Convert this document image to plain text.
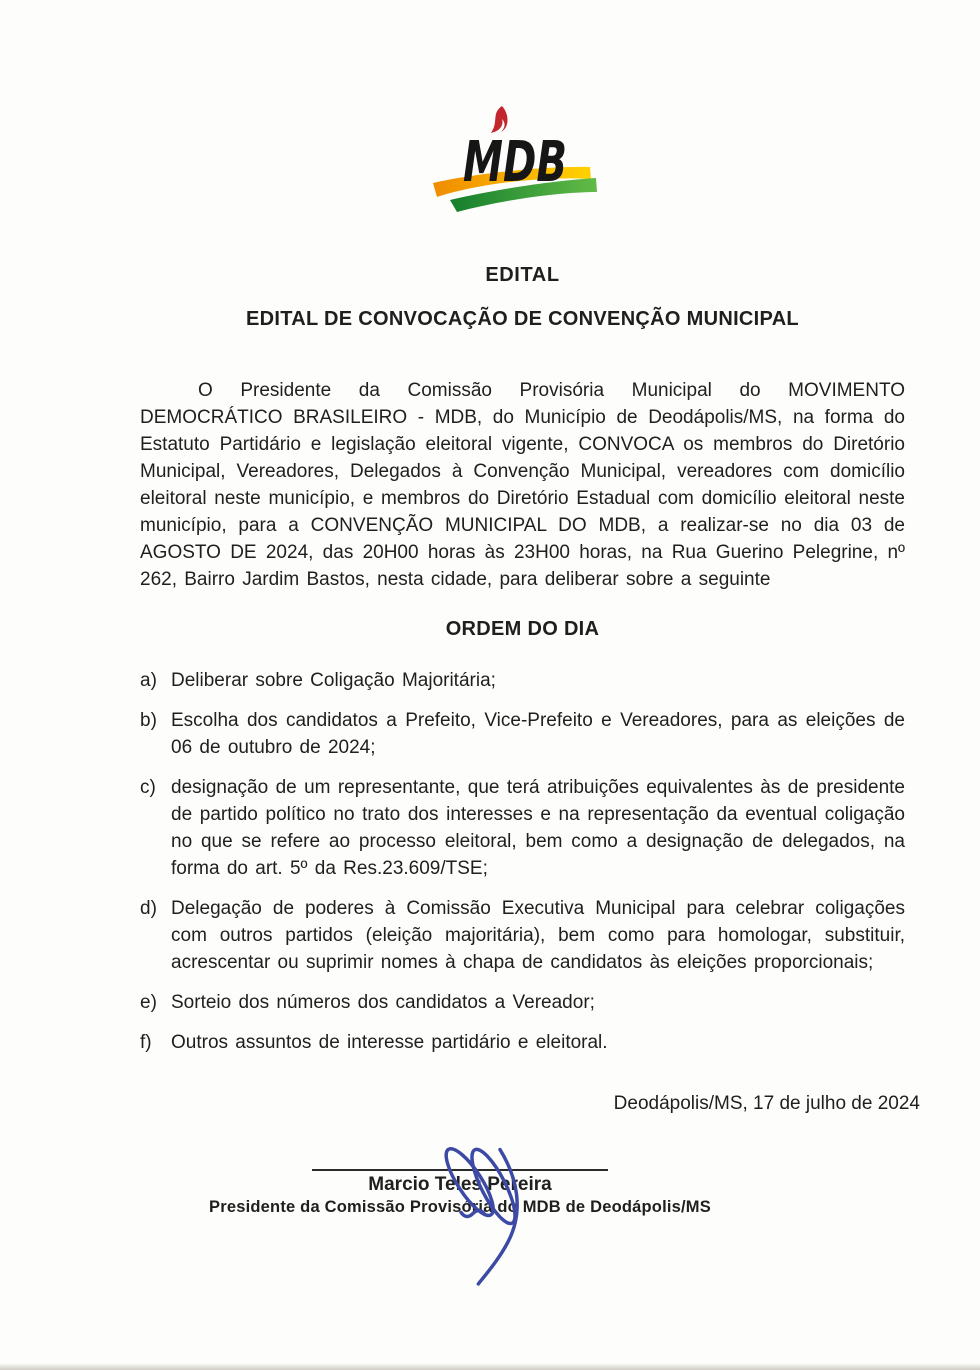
MDB
EDITAL
EDITAL DE CONVOCAÇÃO DE CONVENÇÃO MUNICIPAL

O Presidente da Comissão Provisória Municipal do MOVIMENTO DEMOCRÁTICO BRASILEIRO - MDB, do Município de Deodápolis/MS, na forma do Estatuto Partidário e legislação eleitoral vigente, CONVOCA os membros do Diretório Municipal, Vereadores, Delegados à Convenção Municipal, vereadores com domicílio eleitoral neste município, e membros do Diretório Estadual com domicílio eleitoral neste município, para a CONVENÇÃO MUNICIPAL DO MDB, a realizar-se no dia 03 de AGOSTO DE 2024, das 20H00 horas às 23H00 horas, na Rua Guerino Pelegrine, nº 262, Bairro Jardim Bastos, nesta cidade, para deliberar sobre a seguinte

ORDEM DO DIA
a) Deliberar sobre Coligação Majoritária;
b) Escolha dos candidatos a Prefeito, Vice-Prefeito e Vereadores, para as eleições de 06 de outubro de 2024;
c) designação de um representante, que terá atribuições equivalentes às de presidente de partido político no trato dos interesses e na representação da eventual coligação no que se refere ao processo eleitoral, bem como a designação de delegados, na forma do art. 5º da Res.23.609/TSE;
d) Delegação de poderes à Comissão Executiva Municipal para celebrar coligações com outros partidos (eleição majoritária), bem como para homologar, substituir, acrescentar ou suprimir nomes à chapa de candidatos às eleições proporcionais;
e) Sorteio dos números dos candidatos a Vereador;
f)	Outros assuntos de interesse partidário e eleitoral.
Deodápolis/MS, 17 de julho de 2024
Marcio Teles Pereira
Presidente da Comissão Provisória do MDB de Deodápolis/MS
